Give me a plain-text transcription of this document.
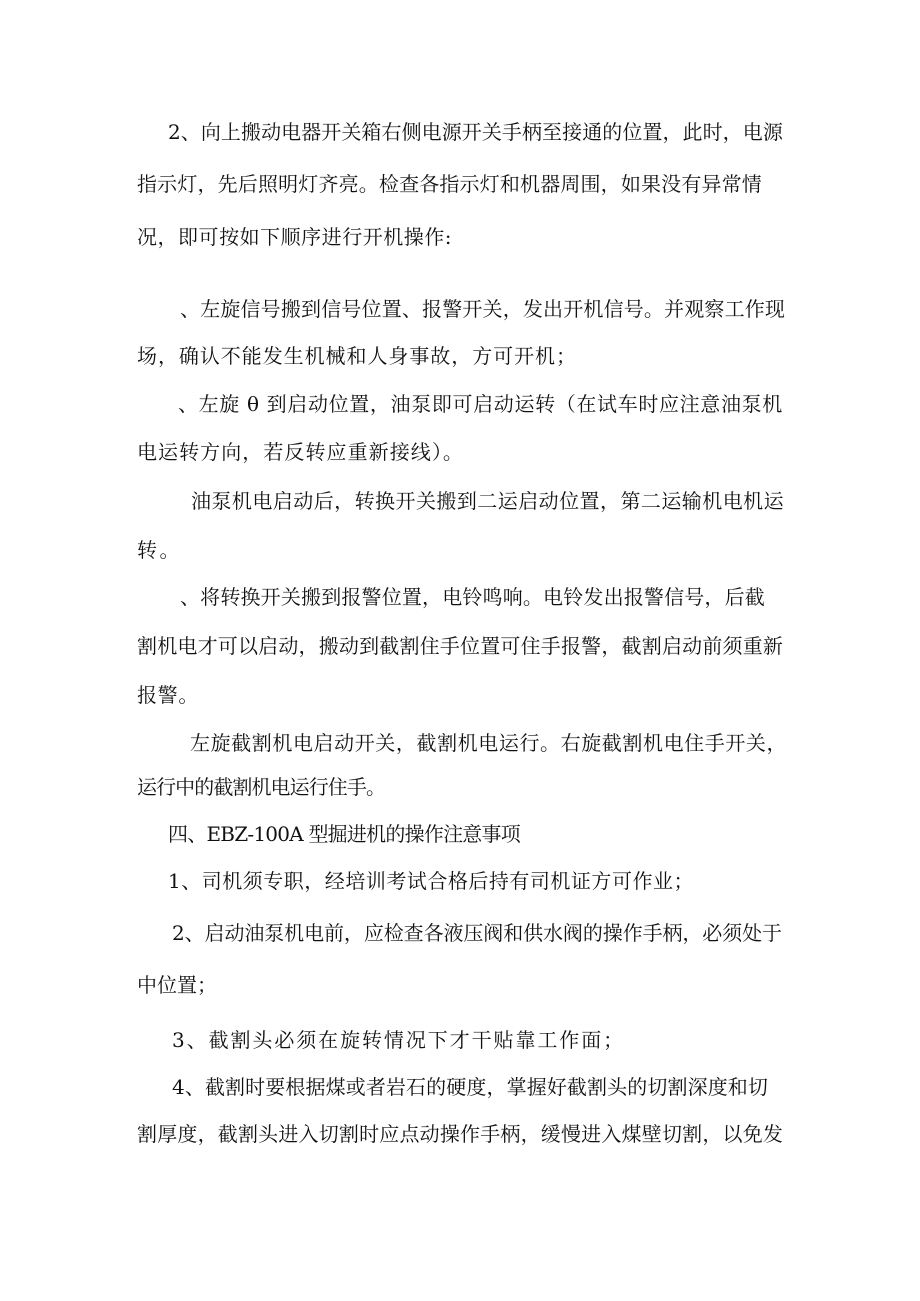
2、向上搬动电器开关箱右侧电源开关手柄至接通的位置，此时，电源

指示灯，先后照明灯齐亮。检查各指示灯和机器周围，如果没有异常情

况，即可按如下顺序进行开机操作:

、左旋信号搬到信号位置、报警开关，发出开机信号。并观察工作现

场，确认不能发生机械和人身事故，方可开机；

、左旋 θ 到启动位置，油泵即可启动运转（在试车时应注意油泵机

电运转方向，若反转应重新接线）。

油泵机电启动后，转换开关搬到二运启动位置，第二运输机电机运

转。

、将转换开关搬到报警位置，电铃鸣响。电铃发出报警信号，后截

割机电才可以启动，搬动到截割住手位置可住手报警，截割启动前须重新

报警。

左旋截割机电启动开关，截割机电运行。右旋截割机电住手开关，

运行中的截割机电运行住手。

四、EBZ-100A 型掘进机的操作注意事项

1、司机须专职，经培训考试合格后持有司机证方可作业；

2、启动油泵机电前，应检查各液压阀和供水阀的操作手柄，必须处于

中位置；

3、截割头必须在旋转情况下才干贴靠工作面；

4、截割时要根据煤或者岩石的硬度，掌握好截割头的切割深度和切

割厚度，截割头进入切割时应点动操作手柄，缓慢进入煤壁切割，以免发
